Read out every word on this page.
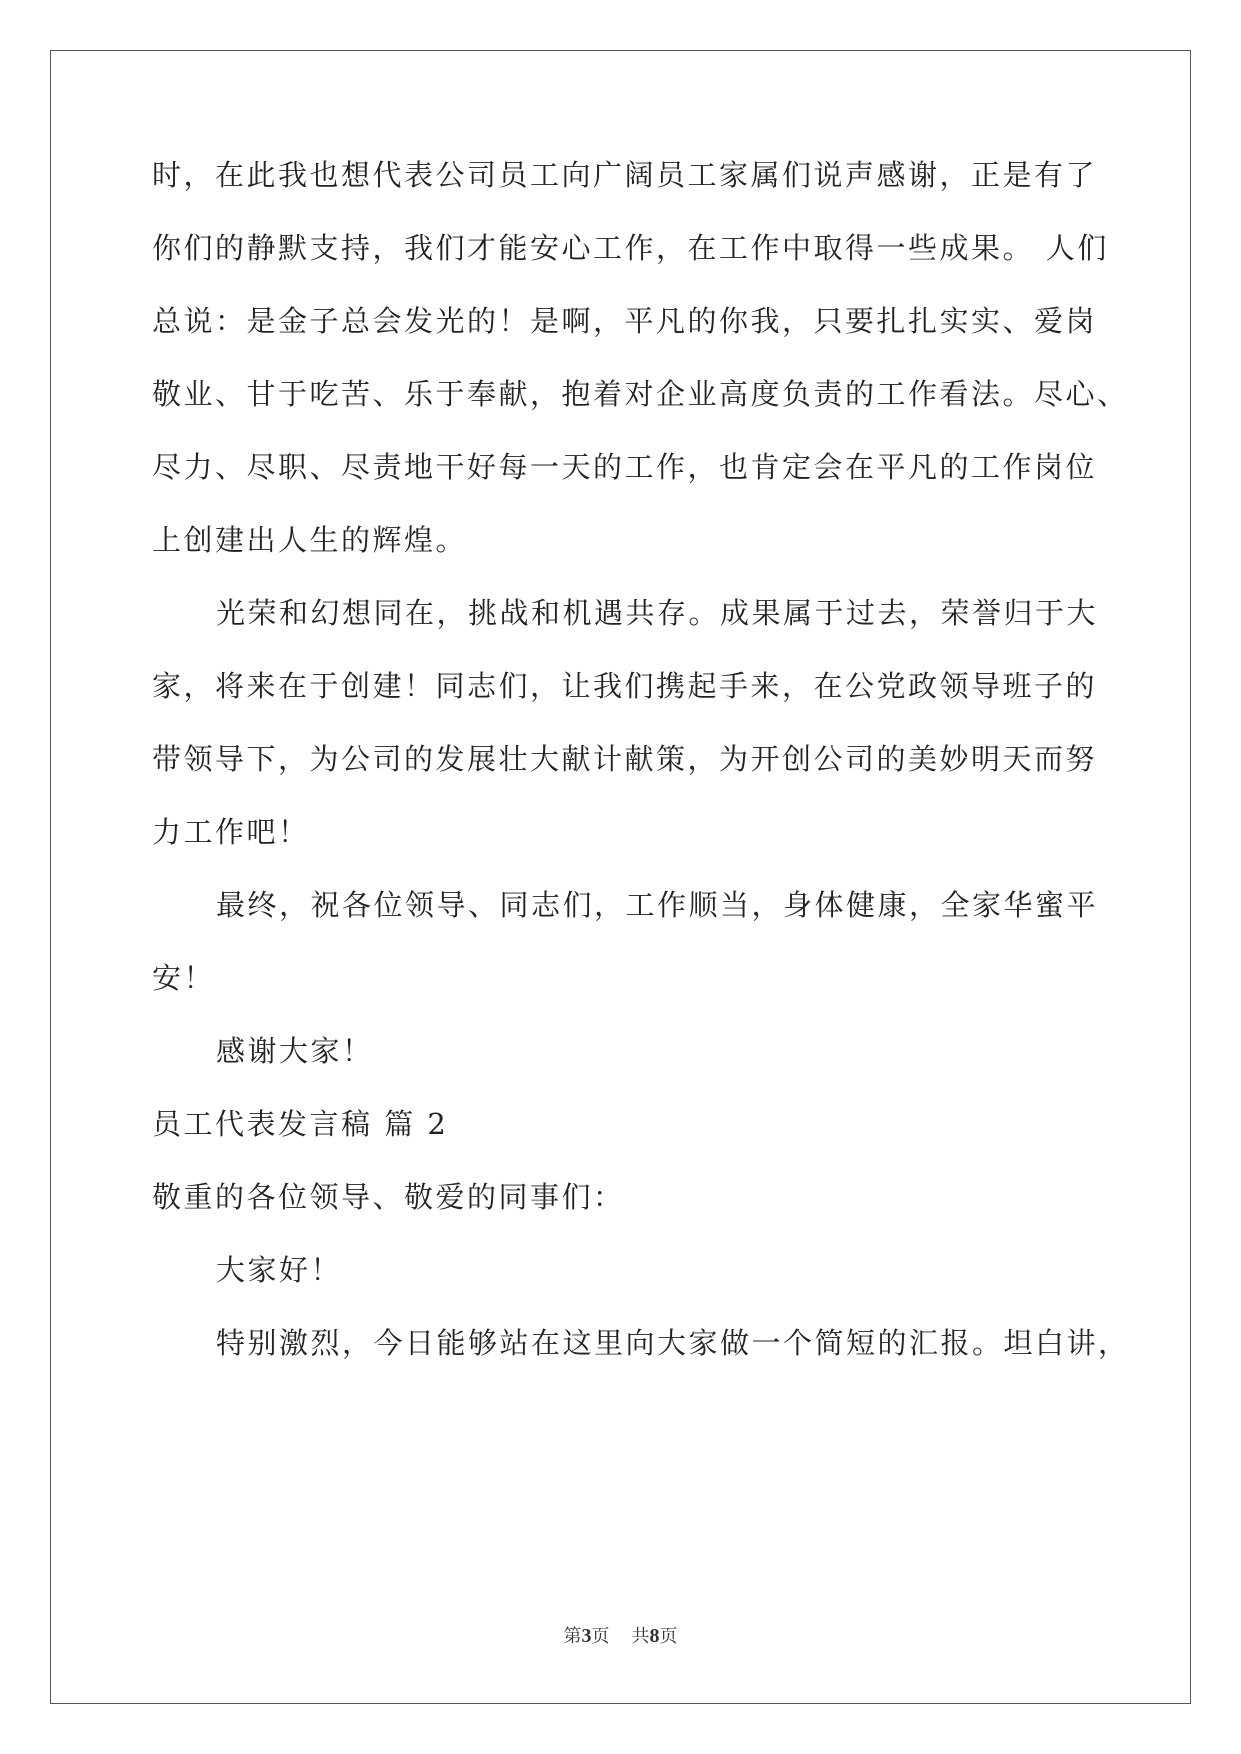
时，在此我也想代表公司员工向广阔员工家属们说声感谢，正是有了
你们的静默支持，我们才能安心工作，在工作中取得一些成果。 人们
总说：是金子总会发光的！是啊，平凡的你我，只要扎扎实实、爱岗
敬业、甘于吃苦、乐于奉献，抱着对企业高度负责的工作看法。尽心、
尽力、尽职、尽责地干好每一天的工作，也肯定会在平凡的工作岗位
上创建出人生的辉煌。
光荣和幻想同在，挑战和机遇共存。成果属于过去，荣誉归于大
家，将来在于创建！同志们，让我们携起手来，在公党政领导班子的
带领导下，为公司的发展壮大献计献策，为开创公司的美妙明天而努
力工作吧！
最终，祝各位领导、同志们，工作顺当，身体健康，全家华蜜平
安！
感谢大家！
员工代表发言稿 篇 2
敬重的各位领导、敬爱的同事们：
大家好！
特别激烈，今日能够站在这里向大家做一个简短的汇报。坦白讲，
第3页 共8页
